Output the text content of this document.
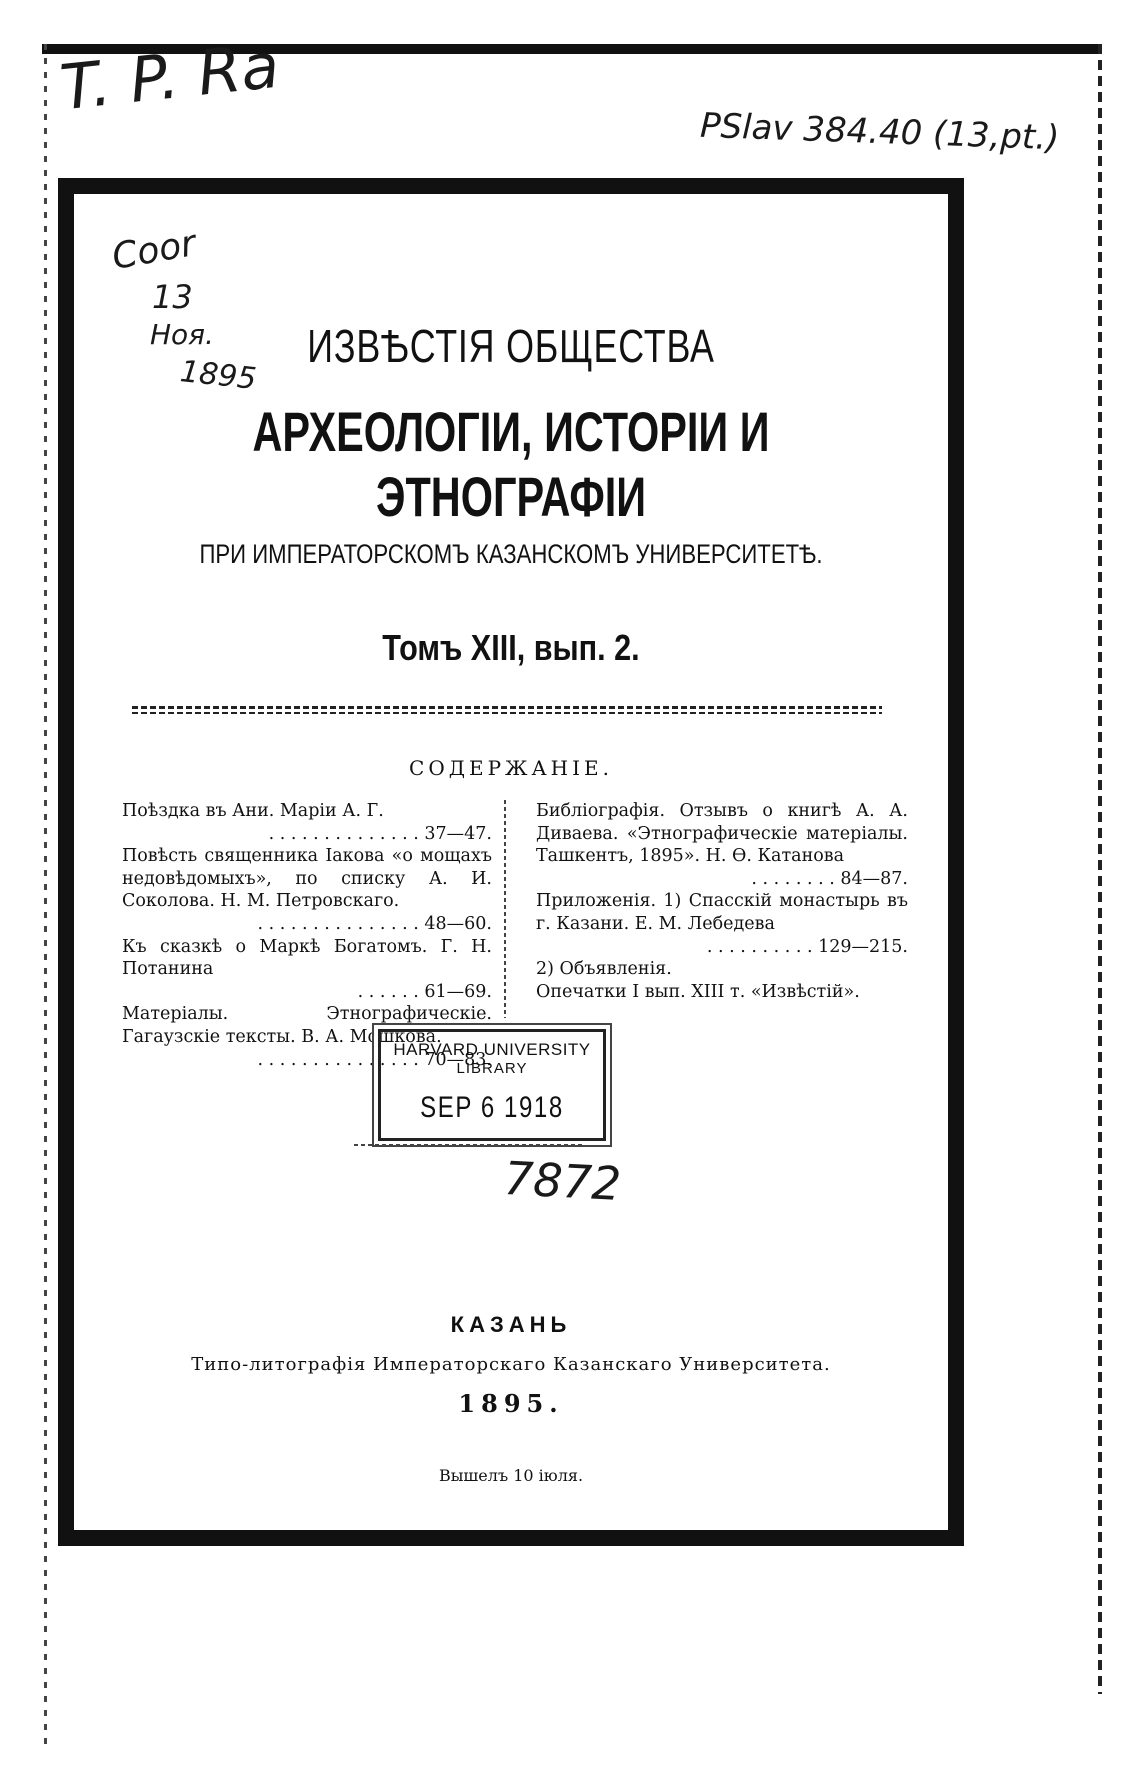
T. P. Ra
PSlav 384.40 (13,pt.)
Coor
13
Ноя.
1895
ИЗВѢСТІЯ ОБЩЕСТВА
АРХЕОЛОГІИ, ИСТОРІИ И ЭТНОГРАФІИ
ПРИ ИМПЕРАТОРСКОМЪ КАЗАНСКОМЪ УНИВЕРСИТЕТѢ.
Томъ XIII, вып. 2.
СОДЕРЖАНІЕ.

Поѣздка въ Ани. Маріи А. Г.

. . . . . . . . . . . . . . 37—47.

Повѣсть священника Іакова «о мощахъ недовѣдомыхъ», по списку А. И. Соколова. Н. М. Петровскаго.

. . . . . . . . . . . . . . . 48—60.

Къ сказкѣ о Маркѣ Богатомъ. Г. Н. Потанина

. . . . . . 61—69.

Матеріалы. Этнографическіе. Гагаузскіе тексты. В. А. Мошкова.

. . . . . . . . . . . . . . . 70—83.

Библіографія. Отзывъ о книгѣ А. А. Диваева. «Этнографическіе матеріалы. Ташкентъ, 1895». Н. Ѳ. Катанова

. . . . . . . . 84—87.

Приложенія. 1) Спасскій монастырь въ г. Казани. Е. М. Лебедева

. . . . . . . . . . 129—215.

2) Объявленія.

Опечатки I вып. XIII т. «Извѣстій».

HARVARD UNIVERSITY
LIBRARY
SEP 6 1918
7872
КАЗАНЬ
Типо-литографія Императорскаго Казанскаго Университета.
1895.
Вышелъ 10 іюля.
